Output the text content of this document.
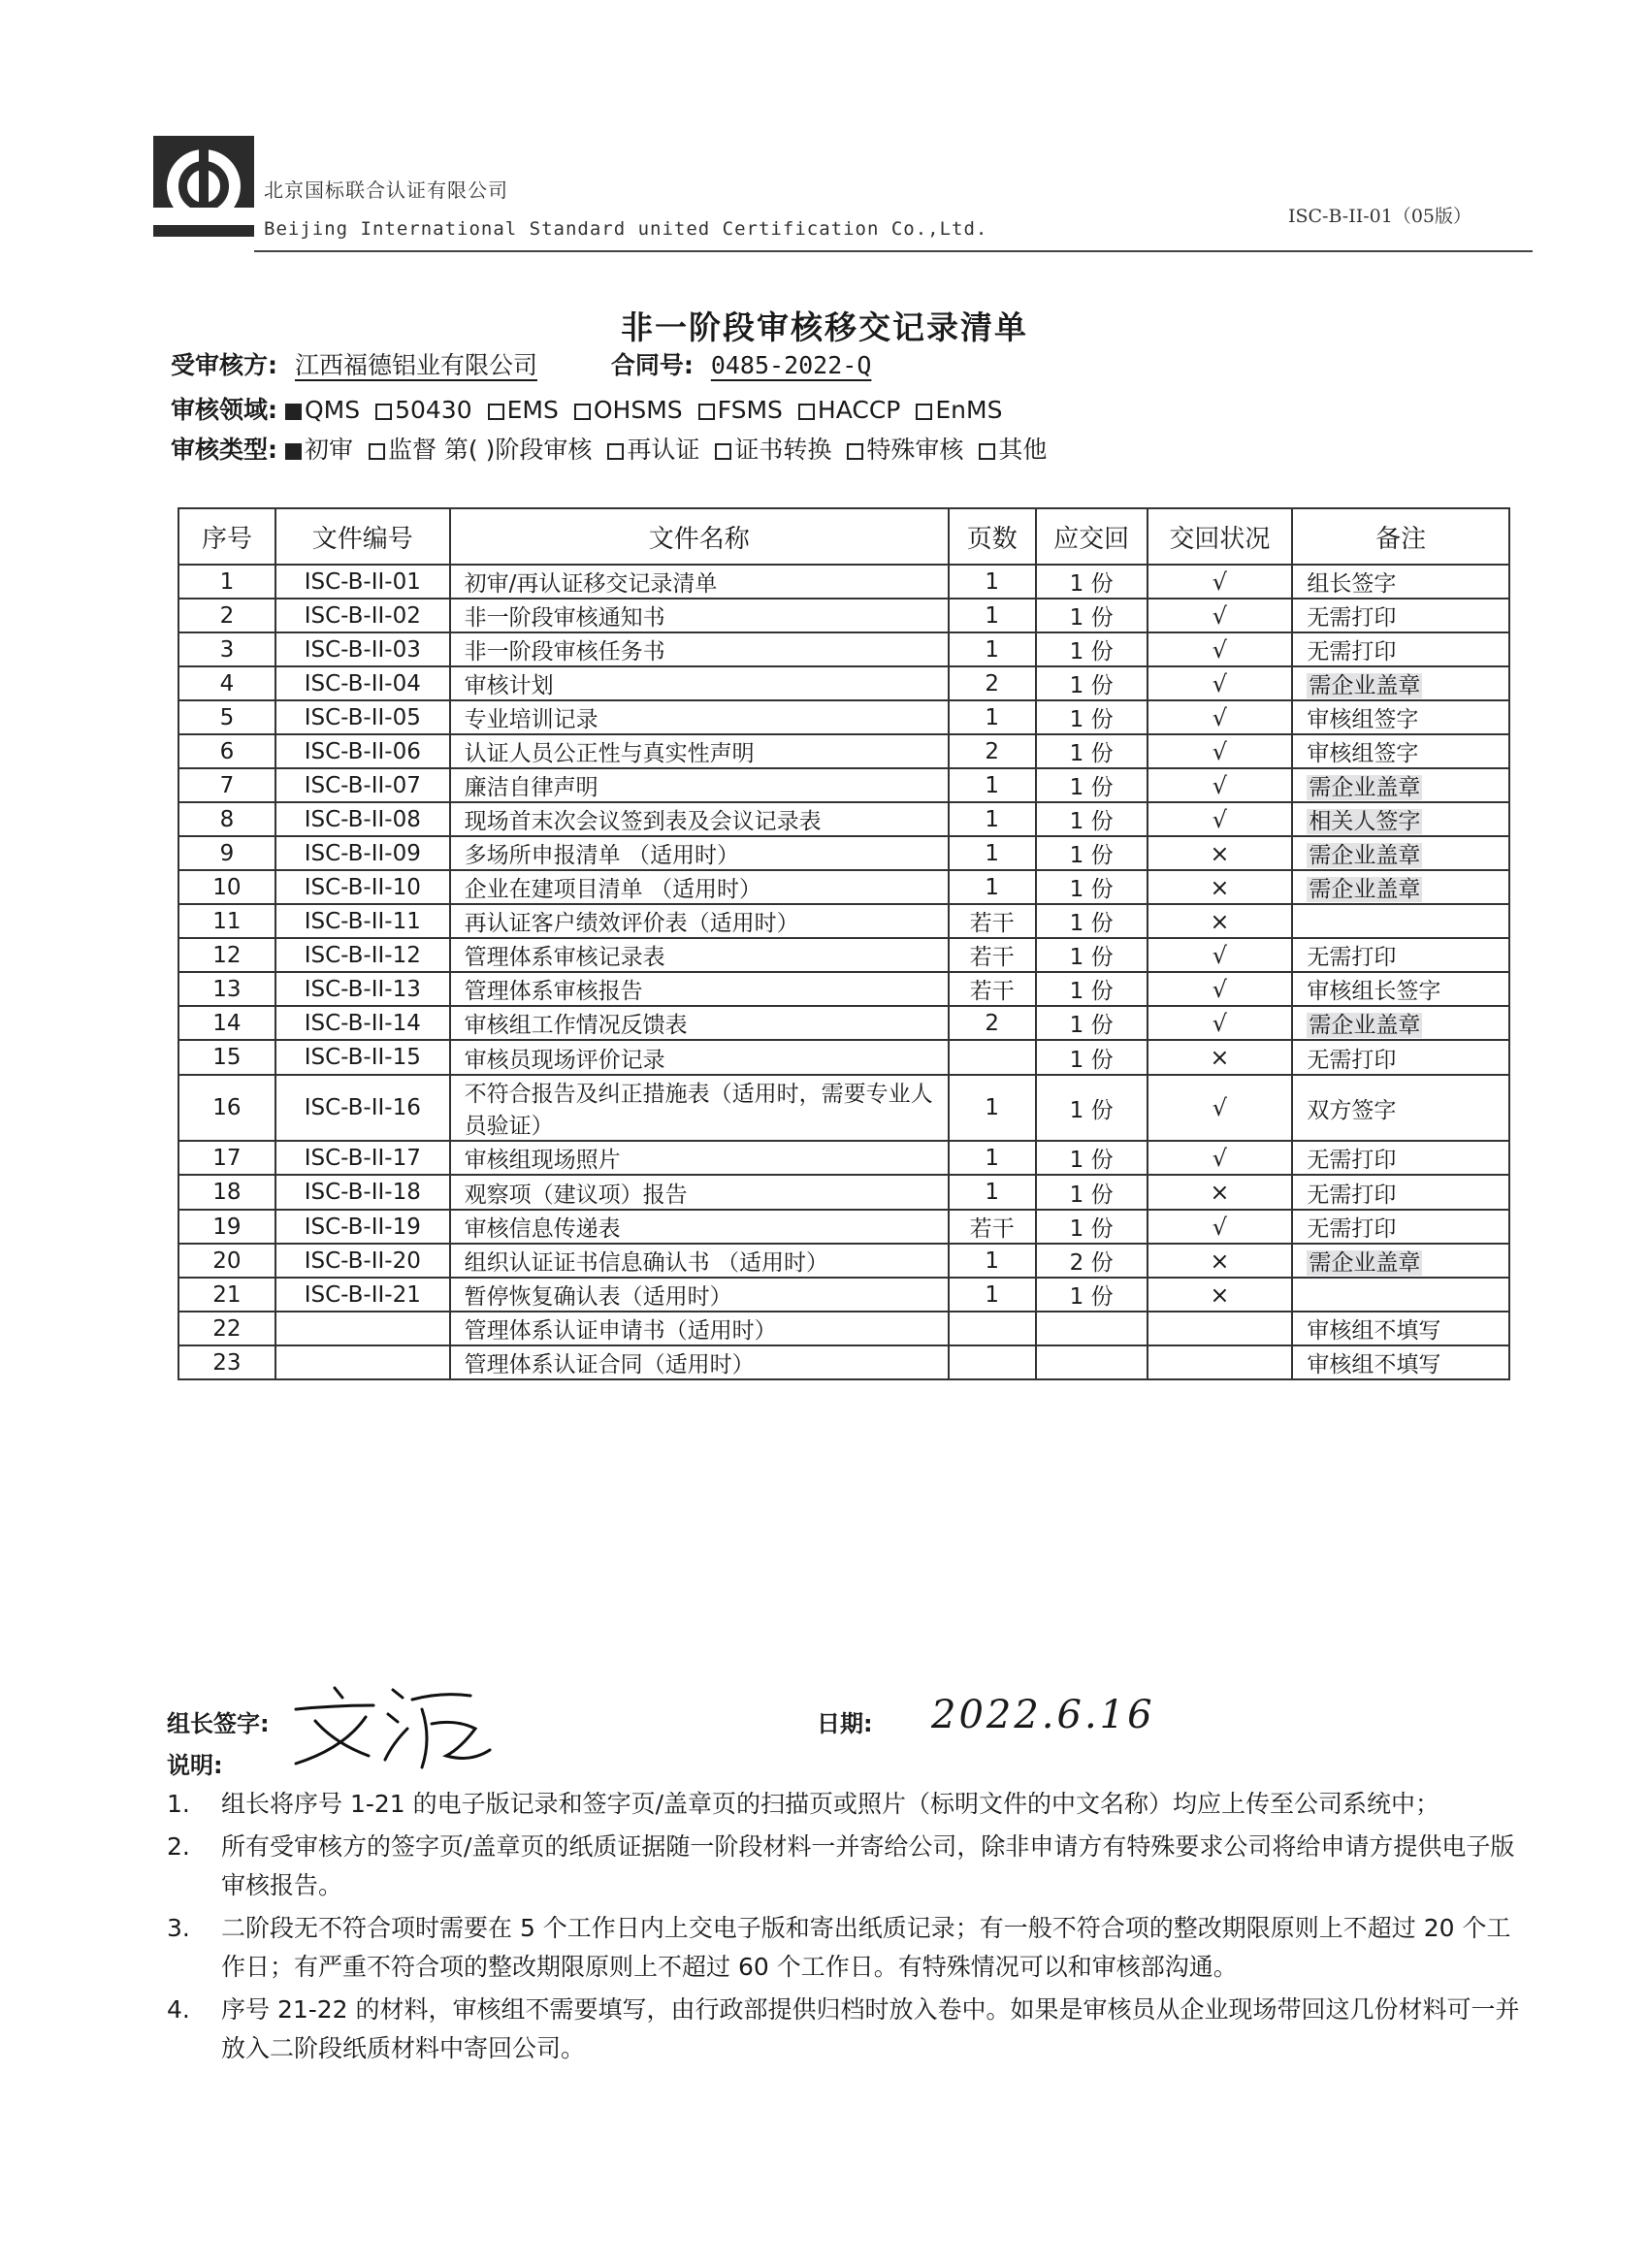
北京国标联合认证有限公司
Beijing International Standard united Certification Co.,Ltd.
ISC-B-II-01（05版）
非一阶段审核移交记录清单
受审核方: 江西福德铝业有限公司	合同号: 0485-2022-Q
审核领域: QMS 50430 EMS OHSMS FSMS HACCP EnMS
审核类型: 初审 监督 第( )阶段审核 再认证 证书转换 特殊审核 其他
序号	文件编号	文件名称	页数	应交回	交回状况	备注
1	ISC-B-II-01	初审/再认证移交记录清单	1	1 份	√	组长签字
2	ISC-B-II-02	非一阶段审核通知书	1	1 份	√	无需打印
3	ISC-B-II-03	非一阶段审核任务书	1	1 份	√	无需打印
4	ISC-B-II-04	审核计划	2	1 份	√	需企业盖章
5	ISC-B-II-05	专业培训记录	1	1 份	√	审核组签字
6	ISC-B-II-06	认证人员公正性与真实性声明	2	1 份	√	审核组签字
7	ISC-B-II-07	廉洁自律声明	1	1 份	√	需企业盖章
8	ISC-B-II-08	现场首末次会议签到表及会议记录表	1	1 份	√	相关人签字
9	ISC-B-II-09	多场所申报清单 （适用时）	1	1 份	×	需企业盖章
10	ISC-B-II-10	企业在建项目清单 （适用时）	1	1 份	×	需企业盖章
11	ISC-B-II-11	再认证客户绩效评价表（适用时）	若干	1 份	×	
12	ISC-B-II-12	管理体系审核记录表	若干	1 份	√	无需打印
13	ISC-B-II-13	管理体系审核报告	若干	1 份	√	审核组长签字
14	ISC-B-II-14	审核组工作情况反馈表	2	1 份	√	需企业盖章
15	ISC-B-II-15	审核员现场评价记录		1 份	×	无需打印
16	ISC-B-II-16	不符合报告及纠正措施表（适用时，需要专业人员验证）	1	1 份	√	双方签字
17	ISC-B-II-17	审核组现场照片	1	1 份	√	无需打印
18	ISC-B-II-18	观察项（建议项）报告	1	1 份	×	无需打印
19	ISC-B-II-19	审核信息传递表	若干	1 份	√	无需打印
20	ISC-B-II-20	组织认证证书信息确认书 （适用时）	1	2 份	×	需企业盖章
21	ISC-B-II-21	暂停恢复确认表（适用时）	1	1 份	×	
22		管理体系认证申请书（适用时）				审核组不填写
23		管理体系认证合同（适用时）				审核组不填写
组长签字:	日期: 2022.6.16
说明:
1. 组长将序号 1-21 的电子版记录和签字页/盖章页的扫描页或照片（标明文件的中文名称）均应上传至公司系统中；
2. 所有受审核方的签字页/盖章页的纸质证据随一阶段材料一并寄给公司，除非申请方有特殊要求公司将给申请方提供电子版审核报告。
3. 二阶段无不符合项时需要在 5 个工作日内上交电子版和寄出纸质记录；有一般不符合项的整改期限原则上不超过 20 个工作日；有严重不符合项的整改期限原则上不超过 60 个工作日。有特殊情况可以和审核部沟通。
4. 序号 21-22 的材料，审核组不需要填写，由行政部提供归档时放入卷中。如果是审核员从企业现场带回这几份材料可一并放入二阶段纸质材料中寄回公司。
